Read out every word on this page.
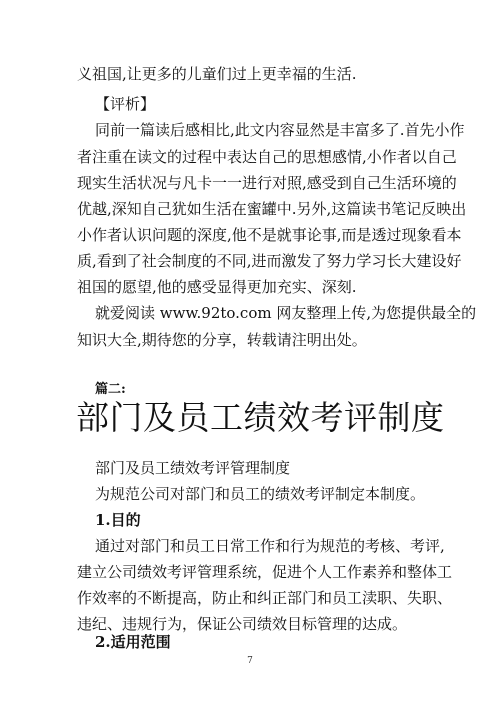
义祖国,让更多的儿童们过上更幸福的生活.
【评析】
同前一篇读后感相比,此文内容显然是丰富多了.首先小作
者注重在读文的过程中表达自己的思想感情,小作者以自己
现实生活状况与凡卡一一进行对照,感受到自己生活环境的
优越,深知自己犹如生活在蜜罐中.另外,这篇读书笔记反映出
小作者认识问题的深度,他不是就事论事,而是透过现象看本
质,看到了社会制度的不同,进而激发了努力学习长大建设好
祖国的愿望,他的感受显得更加充实、深刻.
就爱阅读 www.92to.com 网友整理上传,为您提供最全的
知识大全,期待您的分享，转载请注明出处。
篇二:
部门及员工绩效考评制度
部门及员工绩效考评管理制度
为规范公司对部门和员工的绩效考评制定本制度。
1.目的
通过对部门和员工日常工作和行为规范的考核、考评,
建立公司绩效考评管理系统，促进个人工作素养和整体工
作效率的不断提高，防止和纠正部门和员工渎职、失职、
违纪、违规行为，保证公司绩效目标管理的达成。
2.适用范围
7
